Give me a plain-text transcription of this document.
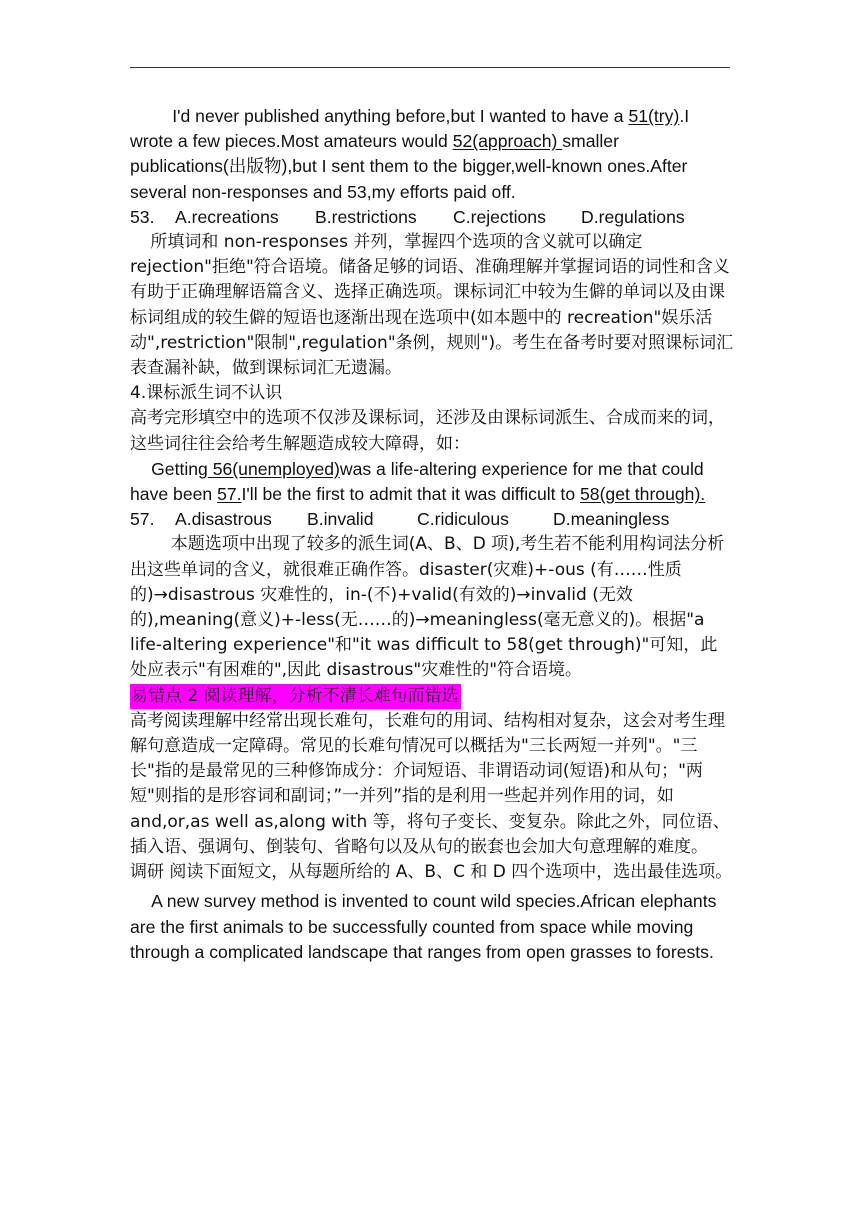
I'd never published anything before,but I wanted to have a 51(try).I wrote a few pieces.Most amateurs would 52(approach) smaller publications(出版物),but I sent them to the bigger,well-known ones.After several non-responses and 53,my efforts paid off.

53.	A.recreations	B.restrictions	C.rejections	D.regulations

所填词和 non-responses 并列，掌握四个选项的含义就可以确定 rejection"拒绝"符合语境。储备足够的词语、准确理解并掌握词语的词性和含义有助于正确理解语篇含义、选择正确选项。课标词汇中较为生僻的单词以及由课标词组成的较生僻的短语也逐渐出现在选项中(如本题中的 recreation"娱乐活动",restriction"限制",regulation"条例，规则")。考生在备考时要对照课标词汇表查漏补缺，做到课标词汇无遗漏。

4.课标派生词不认识

高考完形填空中的选项不仅涉及课标词，还涉及由课标词派生、合成而来的词，这些词往往会给考生解题造成较大障碍，如：

Getting 56(unemployed)was a life-altering experience for me that could have been 57.I'll be the first to admit that it was difficult to 58(get through).

57.	A.disastrous	B.invalid	C.ridiculous	D.meaningless

本题选项中出现了较多的派生词(A、B、D 项),考生若不能利用构词法分析出这些单词的含义，就很难正确作答。disaster(灾难)+-ous (有……性质的)→disastrous 灾难性的，in-(不)+valid(有效的)→invalid (无效的),meaning(意义)+-less(无……的)→meaningless(毫无意义的)。根据"a life-altering experience"和"it was difficult to 58(get through)"可知，此处应表示"有困难的",因此 disastrous"灾难性的"符合语境。

易错点 2 阅读理解，分析不清长难句而错选

高考阅读理解中经常出现长难句，长难句的用词、结构相对复杂，这会对考生理解句意造成一定障碍。常见的长难句情况可以概括为"三长两短一并列"。"三长"指的是最常见的三种修饰成分：介词短语、非谓语动词(短语)和从句；"两短"则指的是形容词和副词；”一并列”指的是利用一些起并列作用的词，如 and,or,as well as,along with 等，将句子变长、变复杂。除此之外，同位语、插入语、强调句、倒装句、省略句以及从句的嵌套也会加大句意理解的难度。

调研 阅读下面短文，从每题所给的 A、B、C 和 D 四个选项中，选出最佳选项。

A new survey method is invented to count wild species.African elephants are the first animals to be successfully counted from space while moving through a complicated landscape that ranges from open grasses to forests.
